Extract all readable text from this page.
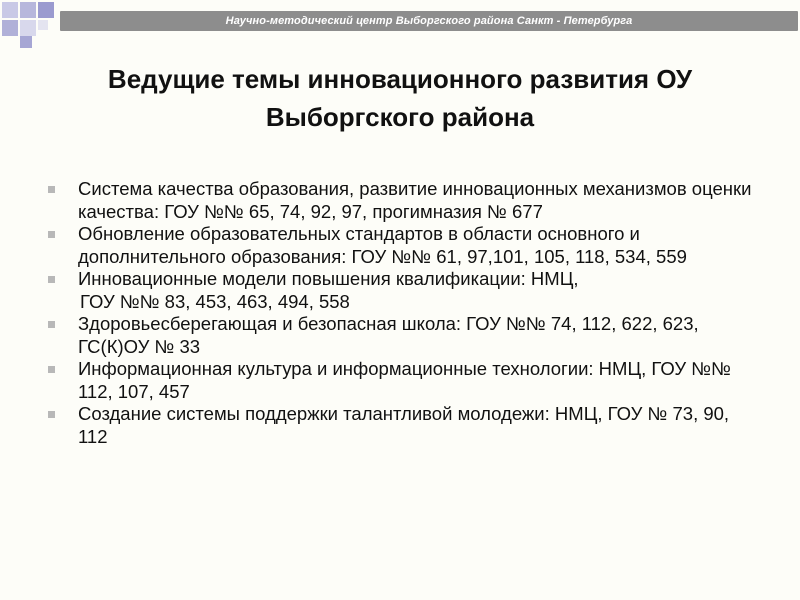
Научно-методический центр Выборгского района Санкт - Петербурга
Ведущие темы инновационного развития ОУ Выборгского района
Система качества образования, развитие инновационных механизмов оценки качества: ГОУ №№ 65, 74, 92, 97, прогимназия № 677
Обновление образовательных стандартов в области основного и дополнительного образования: ГОУ №№ 61, 97,101, 105, 118, 534, 559
Инновационные модели повышения квалификации: НМЦ,
ГОУ №№ 83, 453, 463, 494, 558
Здоровьесберегающая и безопасная школа: ГОУ №№ 74, 112, 622, 623, ГС(К)ОУ № 33
Информационная культура и информационные технологии: НМЦ, ГОУ №№ 112, 107, 457
Создание системы поддержки талантливой молодежи: НМЦ, ГОУ № 73, 90, 112
